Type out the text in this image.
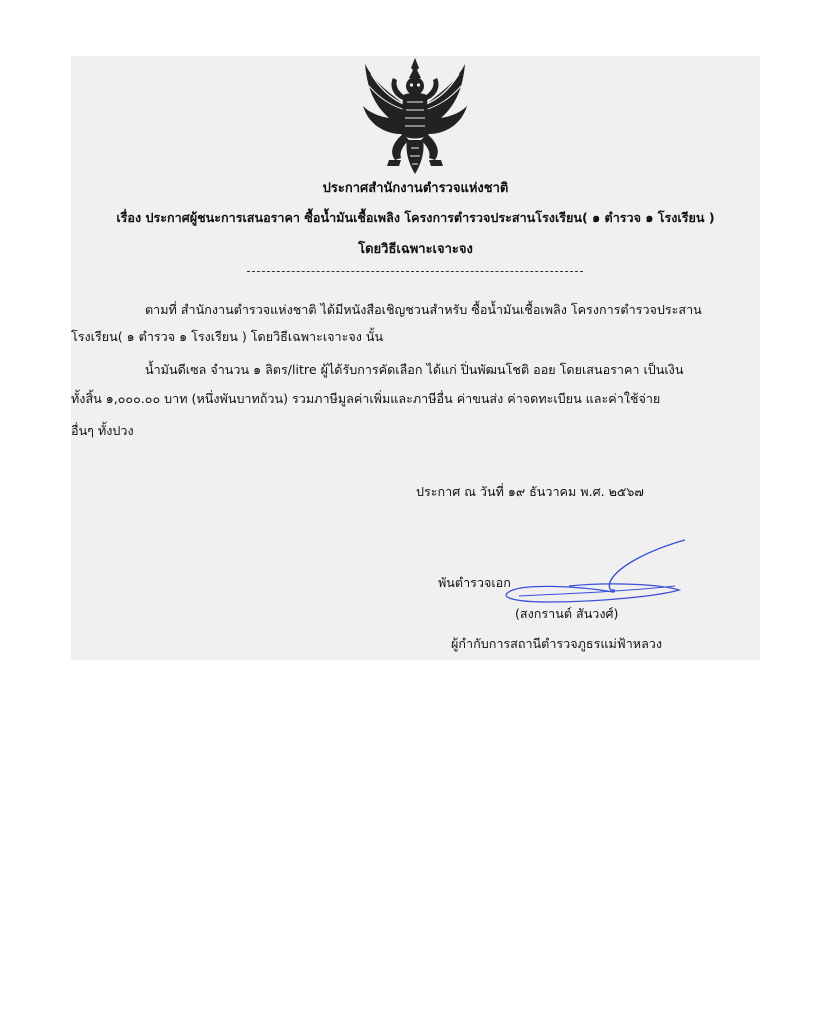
ประกาศสำนักงานตำรวจแห่งชาติ
เรื่อง ประกาศผู้ชนะการเสนอราคา ซื้อน้ำมันเชื้อเพลิง โครงการตำรวจประสานโรงเรียน( ๑ ตำรวจ ๑ โรงเรียน )
โดยวิธีเฉพาะเจาะจง
ตามที่ สำนักงานตำรวจแห่งชาติ ได้มีหนังสือเชิญชวนสำหรับ ซื้อน้ำมันเชื้อเพลิง โครงการตำรวจประสาน
โรงเรียน( ๑ ตำรวจ ๑ โรงเรียน ) โดยวิธีเฉพาะเจาะจง นั้น
น้ำมันดีเซล จำนวน ๑ ลิตร/litre ผู้ได้รับการคัดเลือก ได้แก่ ปิ่นพัฒนโชติ ออย โดยเสนอราคา เป็นเงิน
ทั้งสิ้น ๑,๐๐๐.๐๐ บาท (หนึ่งพันบาทถ้วน) รวมภาษีมูลค่าเพิ่มและภาษีอื่น ค่าขนส่ง ค่าจดทะเบียน และค่าใช้จ่าย
อื่นๆ ทั้งปวง
ประกาศ ณ วันที่ ๑๙ ธันวาคม พ.ศ. ๒๕๖๗
พันตำรวจเอก
(สงกรานต์ สันวงศ์)
ผู้กำกับการสถานีตำรวจภูธรแม่ฟ้าหลวง
